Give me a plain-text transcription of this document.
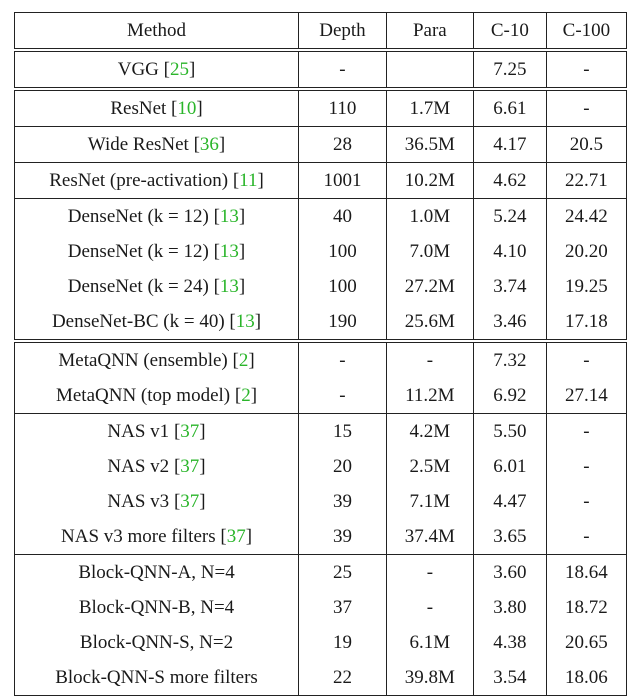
Method	Depth	Para	C-10	C-100
VGG [25]	-		7.25	-
ResNet [10]	110	1.7M	6.61	-
Wide ResNet [36]	28	36.5M	4.17	20.5
ResNet (pre-activation) [11]	1001	10.2M	4.62	22.71
DenseNet (k = 12) [13]	40	1.0M	5.24	24.42
DenseNet (k = 12) [13]	100	7.0M	4.10	20.20
DenseNet (k = 24) [13]	100	27.2M	3.74	19.25
DenseNet-BC (k = 40) [13]	190	25.6M	3.46	17.18
MetaQNN (ensemble) [2]	-	-	7.32	-
MetaQNN (top model) [2]	-	11.2M	6.92	27.14
NAS v1 [37]	15	4.2M	5.50	-
NAS v2 [37]	20	2.5M	6.01	-
NAS v3 [37]	39	7.1M	4.47	-
NAS v3 more filters [37]	39	37.4M	3.65	-
Block-QNN-A, N=4	25	-	3.60	18.64
Block-QNN-B, N=4	37	-	3.80	18.72
Block-QNN-S, N=2	19	6.1M	4.38	20.65
Block-QNN-S more filters	22	39.8M	3.54	18.06
